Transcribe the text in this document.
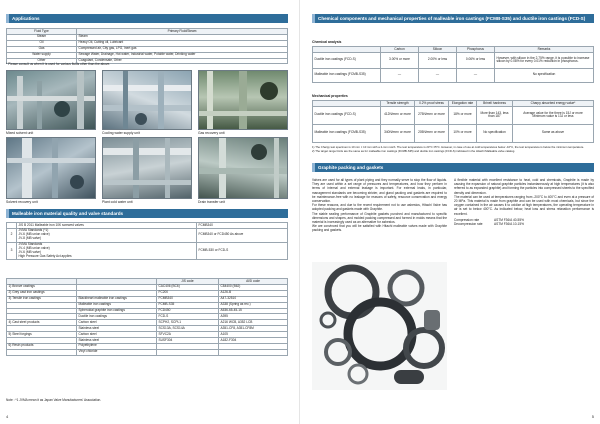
Applications
Fluid Type	Primary Fluid/Steam
Steam	Steam
Oil	Heavy Oil, Cutting oil, Lubricant
Gas	Compressed air, City gas, LPG, Inert gas
Water supply	Sewage Water, Drainage, Hot water, Industrial water, Potable water, Drinking water
Other	Coagulant, Condensate, Other
* Please consult us when it is used for various fluids other than the above.
Mixed solvent unit	Cooling water supply unit	Gas recovery unit
Solvent recovery unit	Plant cold water unit	Drain transfer unit
Malleable iron material quality and valve standards
	JIS B 2011 Malleable iron 10K screwed valves	FCMB340
2	JVMA Standards (*1)
JV-6 (MB union valve)
JV-8 (MB valve)	FCMB340 or FCD450 As above
3	JVMA Standards
JV-4 (MB union valve)
JV-6 (MB valve)
High Pressure Gas Safety Act applies	FCMB-530 or FCD-S
		JIS code	AISI code
1) Bronze castings		CAC406 (BC6)	C84400 (B62)
2) Grey cast iron castings		FC200	A126-B
3) Tensile iron castings	Blackheart malleable iron castings	FCMB340	A47-32510
	Malleable iron castings	FCMB-S35	A338 (Spring as rec.)
	Spheroidal graphite iron castings	FCD450	A536-65-45-15
	Ductile iron castings	FCD-S	A395
4) Cast steel products	Carbon steel	SCPH2, SCPL1	A216 WCB, A352 LCB
	Stainless steel	SCS13A, SCS14A	A351-CF8, A351-CF8M
5) Steel forgings	Carbon steel	SFVC2A	A105
	Stainless steel	SUSF304	A182-F304
6) Resin products	Polyethylene		
	Vinyl chloride		
Note : *1 JVMA mean it as Japan Valve Manufacturers' Association.
4
Chemical components and mechanical properties of malleable iron castings (FCMB-S35) and ductile iron castings (FCD-S)
Chemical analysis
	Carbon	Silicon	Phosphorus	Remarks
Ductile iron castings (FCD-S)	3.00% or more	2.00% or less	0.06% or less	However, with silicon in the 2.75% range, it is possible to increase silicon by 0.08% for every 0.01% reduction in phosphorus.
Malleable iron castings (FCMB-S35)	—	—	—	No specification
Mechanical properties
	Tensile strength	0.2% proof stress	Elongation rate	Brinell hardness	Charpy absorbed energy value*
Ductile iron castings (FCD-S)	412N/mm² or more	275N/mm² or more	18% or more	More than 143, less than 187	Average value for the three is 15J or more
Minimum value is 13J or less
Malleable iron castings (FCMB-S35)	340N/mm² or more	205N/mm² or more	10% or more	No specification	Same as above

1) The Charpy test specimen is 10 mm × 10 mm with a 2-mm notch. The test temperature is 23°C ±5°C. However, in case of use at cold temperatures below -10°C, the test temperature is below the minimum temperature.

2) The target range limits are the same as for malleable iron castings (FCMB-S35) and ductile iron castings (FCD-S) indicated in the Hitachi Malleable valve catalog.

Graphite packing and gaskets

Valves are used for all types of plant piping and they normally serve to stop the flow of liquids. They are used within a set range of pressures and temperatures, and how they perform in terms of internal and external leakage is important. For external leaks, in particular, management standards are becoming stricter, and gland packing and gaskets are required to be maintenance-free with no leakage for reasons of safety, resource conservation and energy conservation.

For these reasons, and due to the recent requirement not to use asbestos, Hitachi Valve has adopted packing and gaskets made with Graphite.

The stable sealing performance of Graphite gaskets punched and manufactured to specific dimensions and shapes, and molded packing compressed and formed in molds means that the material is increasingly used as an alternative for asbestos.

We are convinced that you will be satisfied with Hitachi malleable valves made with Graphite packing and gaskets.

A flexible material with excellent resistance to heat, cold and chemicals, Graphite is made by causing the expansion of natural graphite particles instantaneously at high temperatures (it is also referred to as expanded graphite) and forming the particles into compressed sheets to the specified density and dimension.

The material can be used at temperatures ranging from -200°C to 400°C and even at a pressure of 20 MPa. This material is made from graphite and can be used with most chemicals, but since the oxygen contained in the air causes it to oxidize at high temperatures, the operating temperature in air is set to below 400°C. As indicated below, heat loss and stress relaxation performance is excellent.

Compression rate	ASTM F36/A 40-55%
Decompression rate	ASTM F36/A 10-15%
5
